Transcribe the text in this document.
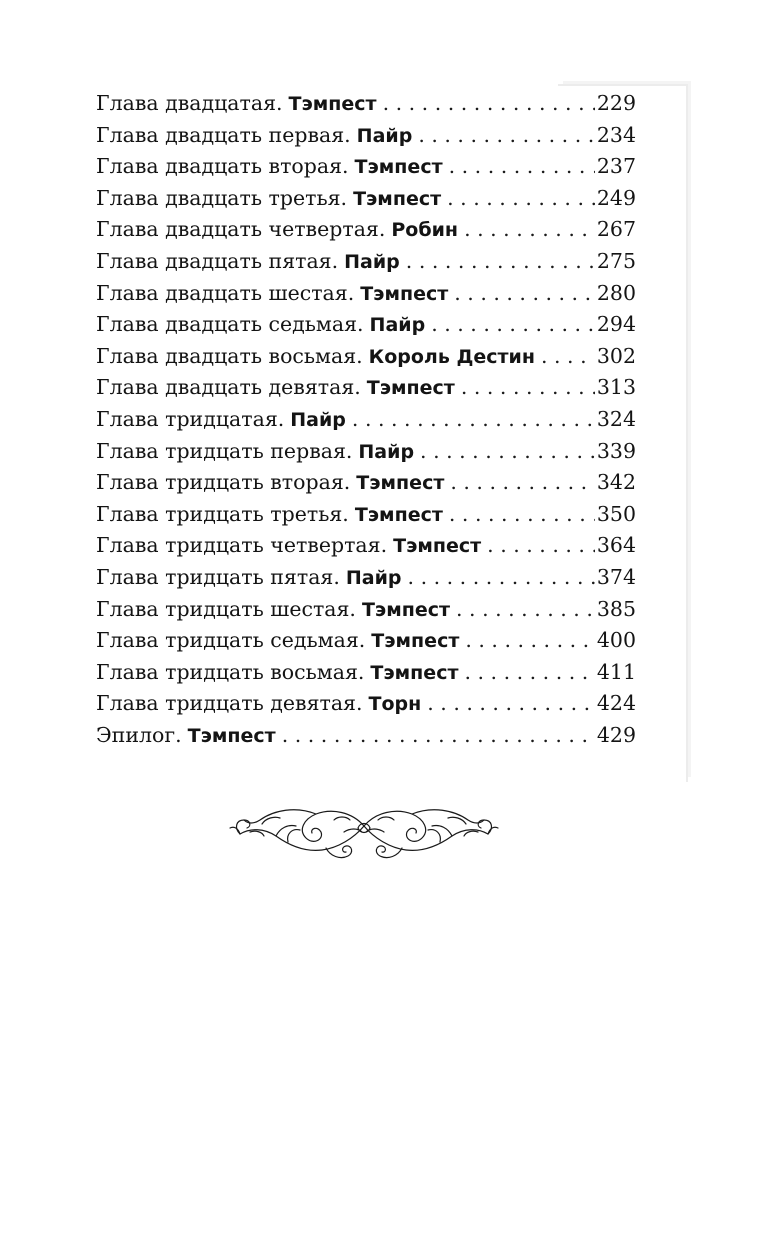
Глава двадцатая. Тэмпест . . .	229
Глава двадцать первая. Пайр . . .	234
Глава двадцать вторая. Тэмпест . . .	237
Глава двадцать третья. Тэмпест . . .	249
Глава двадцать четвертая. Робин . . .	267
Глава двадцать пятая. Пайр . . .	275
Глава двадцать шестая. Тэмпест . . .	280
Глава двадцать седьмая. Пайр . . .	294
Глава двадцать восьмая. Король Дестин . . .	302
Глава двадцать девятая. Тэмпест . . .	313
Глава тридцатая. Пайр . . .	324
Глава тридцать первая. Пайр . . .	339
Глава тридцать вторая. Тэмпест . . .	342
Глава тридцать третья. Тэмпест . . .	350
Глава тридцать четвертая. Тэмпест . . .	364
Глава тридцать пятая. Пайр . . .	374
Глава тридцать шестая. Тэмпест . . .	385
Глава тридцать седьмая. Тэмпест . . .	400
Глава тридцать восьмая. Тэмпест . . .	411
Глава тридцать девятая. Торн . . .	424
Эпилог. Тэмпест . . .	429
